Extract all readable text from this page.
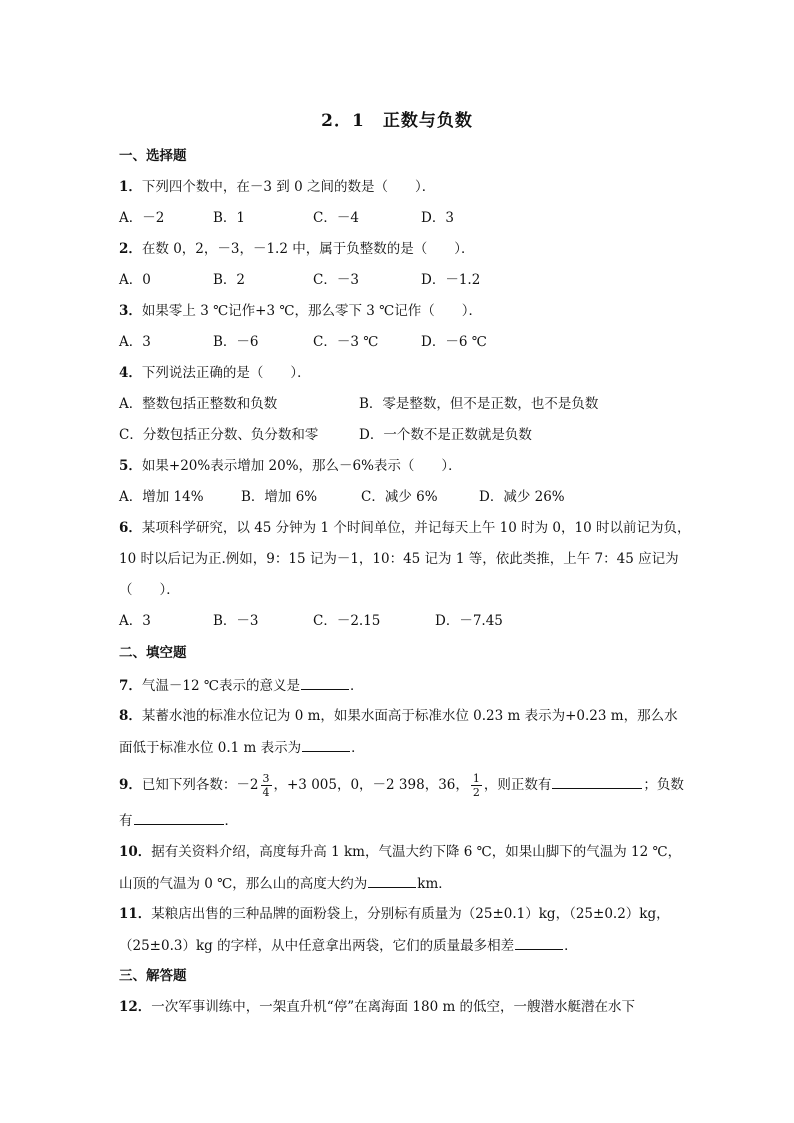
2．1　正数与负数
一、选择题
1．下列四个数中，在－3 到 0 之间的数是（　　）．
A．－2	B．1	C．－4	D．3
2．在数 0，2，－3，－1.2 中，属于负整数的是（　　）．
A．0	B．2	C．－3	D．－1.2
3．如果零上 3 ℃记作+3 ℃，那么零下 3 ℃记作（　　）．
A．3	B．－6	C．－3 ℃	D．－6 ℃
4．下列说法正确的是（　　）．
A．整数包括正整数和负数	B．零是整数，但不是正数，也不是负数
C．分数包括正分数、负分数和零	D．一个数不是正数就是负数
5．如果+20%表示增加 20%，那么－6%表示（　　）．
A．增加 14%	B．增加 6%	C．减少 6%	D．减少 26%
6．某项科学研究，以 45 分钟为 1 个时间单位，并记每天上午 10 时为 0，10 时以前记为负，
10 时以后记为正.例如，9：15 记为－1，10：45 记为 1 等，依此类推，上午 7：45 应记为
（　　）．
A．3	B．－3	C．－2.15	D．－7.45
二、填空题
7．气温－12 ℃表示的意义是	．
8．某蓄水池的标准水位记为 0 m，如果水面高于标准水位 0.23 m 表示为+0.23 m，那么水
面低于标准水位 0.1 m 表示为	．
9．已知下列各数：$-2 \frac{3}{4}$ ，+3 005，0，－2 398，36， $\frac{1}{2}$ ，则正数有	；负数
有	．
10．据有关资料介绍，高度每升高 1 km，气温大约下降 6 ℃，如果山脚下的气温为 12 ℃，
山顶的气温为 0 ℃，那么山的高度大约为	km．
11．某粮店出售的三种品牌的面粉袋上，分别标有质量为（25±0.1）kg，（25±0.2）kg，
（25±0.3）kg 的字样，从中任意拿出两袋，它们的质量最多相差	．
三、解答题
12．一次军事训练中，一架直升机“停”在离海面 180 m 的低空，一艘潜水艇潜在水下
